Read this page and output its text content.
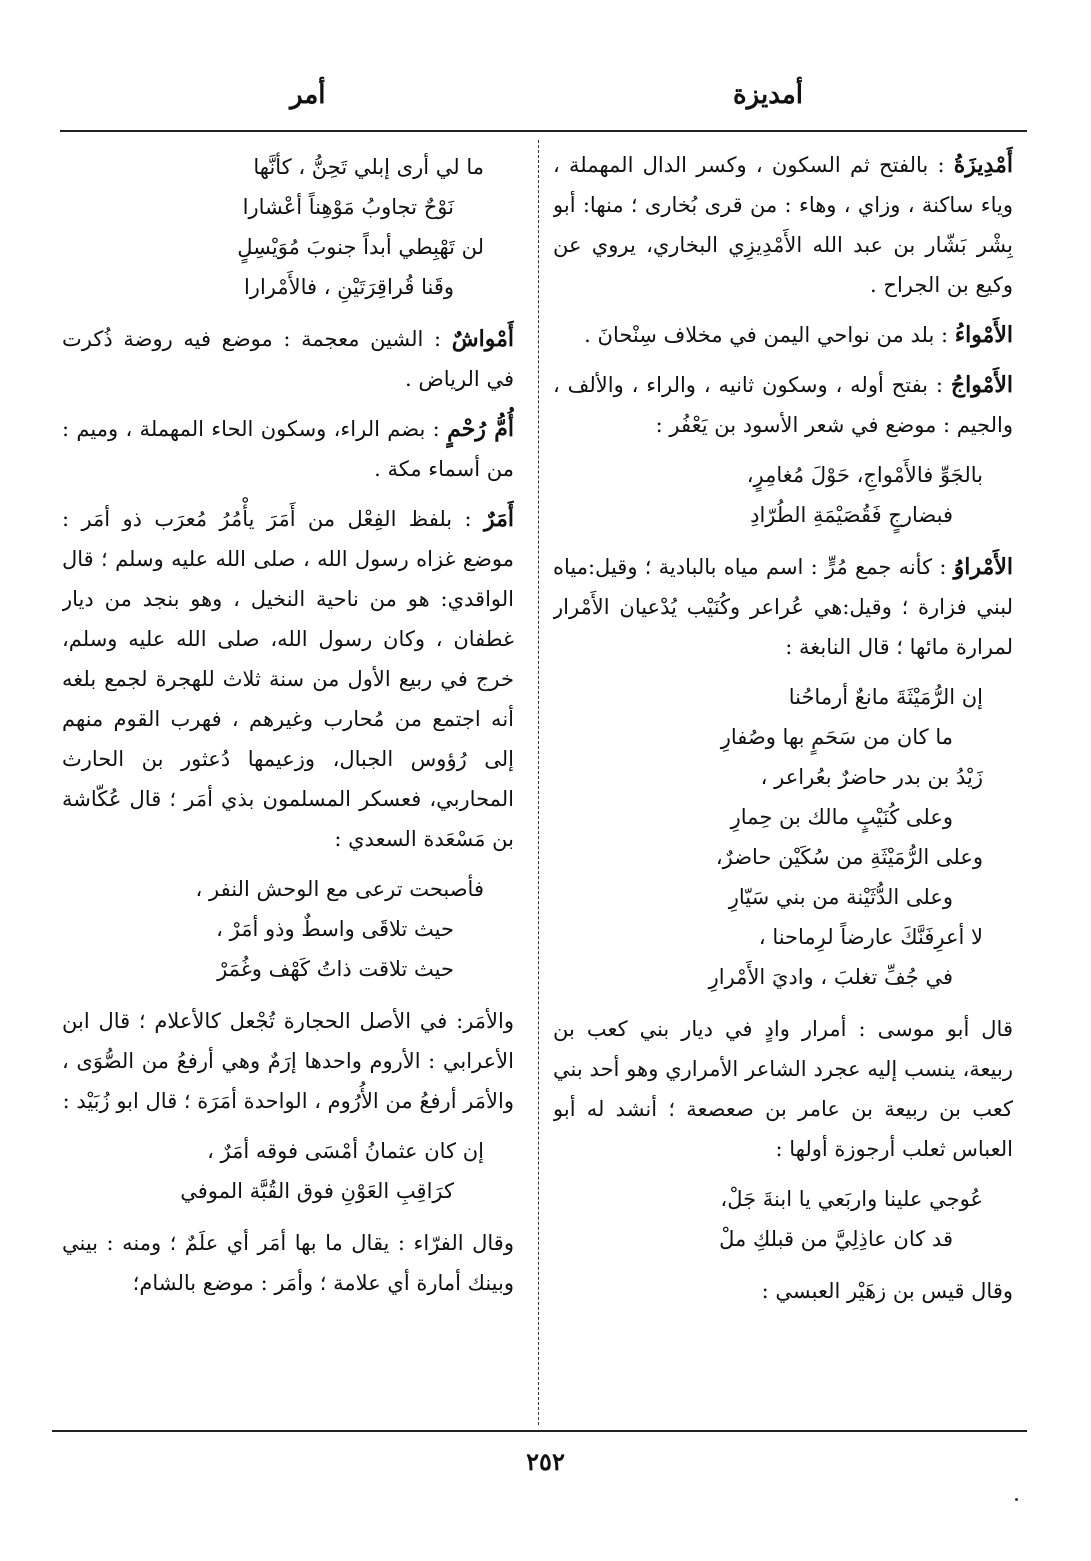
أمديزة
أمر

أَمْدِيزَةُ : بالفتح ثم السكون ، وكسر الدال المهملة ، وياء ساكنة ، وزاي ، وهاء : من قرى بُخارى ؛ منها: أبو بِشْر بَشّار بن عبد الله الأَمْدِيزِي البخاري، يروي عن وكيع بن الجراح .

الأَمْواءُ : بلد من نواحي اليمن في مخلاف سِنْحانَ .

الأَمْواجُ : بفتح أوله ، وسكون ثانيه ، والراء ، والألف ، والجيم : موضع في شعر الأسود بن يَعْفُر :

بالجَوِّ فالأَمْواجِ، حَوْلَ مُغامِرٍ،
فبضارجٍ فَقُصَيْمَةِ الطُرّادِ

الأَمْراوُ : كأنه جمع مُرٍّ : اسم مياه بالبادية ؛ وقيل:مياه لبني فزارة ؛ وقيل:هي عُراعر وكُنَيْب يُدْعيان الأَمْرار لمرارة مائها ؛ قال النابغة :

إن الرُّمَيْثَةَ مانعٌ أرماحُنا
ما كان من سَحَمٍ بها وصُفارِ
زَيْدُ بن بدر حاضرٌ بعُراعر ،
وعلى كُنَيْبٍ مالك بن حِمارِ
وعلى الرُّمَيْثَةِ من سُكَيْن حاضرٌ،
وعلى الدُّثَيْنة من بني سَيّارِ
لا أعرِفَنَّكَ عارضاً لرِماحنا ،
في جُفِّ تغلبَ ، واديَ الأَمْرارِ

قال أبو موسى : أمرار وادٍ في ديار بني كعب بن ربيعة، ينسب إليه عجرد الشاعر الأمراري وهو أحد بني كعب بن ربيعة بن عامر بن صعصعة ؛ أنشد له أبو العباس ثعلب أرجوزة أولها :

عُوجي علينا واربَعي يا ابنةَ جَلْ،
قد كان عاذِلِيَّ من قبلكِ ملْ

وقال قيس بن زهَيْر العبسي :

ما لي أرى إبلي تَحِنُّ ، كأنَّها
نَوْحٌ تجاوبُ مَوْهِناً أعْشارا
لن تَهْبِطي أبداً جنوبَ مُوَيْسِلٍ
وقَنا قُراقِرَتَيْنِ ، فالأَمْرارا

أَمْواشٌ : الشين معجمة : موضع فيه روضة ذُكرت في الرياض .

أُمُّ رُحْمٍ : بضم الراء، وسكون الحاء المهملة ، وميم : من أسماء مكة .

أَمَرٌ : بلفظ الفِعْل من أَمَرَ يأْمُرُ مُعرَب ذو أمَر : موضع غزاه رسول الله ، صلى الله عليه وسلم ؛ قال الواقدي: هو من ناحية النخيل ، وهو بنجد من ديار غطفان ، وكان رسول الله، صلى الله عليه وسلم، خرج في ربيع الأول من سنة ثلاث للهجرة لجمع بلغه أنه اجتمع من مُحارب وغيرهم ، فهرب القوم منهم إلى رُؤوس الجبال، وزعيمها دُعثور بن الحارث المحاربي، فعسكر المسلمون بذي أمَر ؛ قال عُكّاشة بن مَسْعَدة السعدي :

فأصبحت ترعى مع الوحش النفر ،
حيث تلاقَى واسطٌ وذو أمَرْ ،
حيث تلاقت ذاتُ كَهْف وغُمَرْ

والأمَر: في الأصل الحجارة تُجْعل كالأعلام ؛ قال ابن الأعرابي : الأروم واحدها إرَمٌ وهي أرفعُ من الصُّوَى ، والأمَر أرفعُ من الأُرُوم ، الواحدة أمَرَة ؛ قال ابو زُبَيْد :

إن كان عثمانُ أمْسَى فوقه أمَرٌ ،
كرَاقِبِ العَوْنِ فوق القُبَّة الموفي

وقال الفرّاء : يقال ما بها أمَر أي علَمٌ ؛ ومنه : بيني وبينك أمارة أي علامة ؛ وأمَر : موضع بالشام؛

٢٥٢
